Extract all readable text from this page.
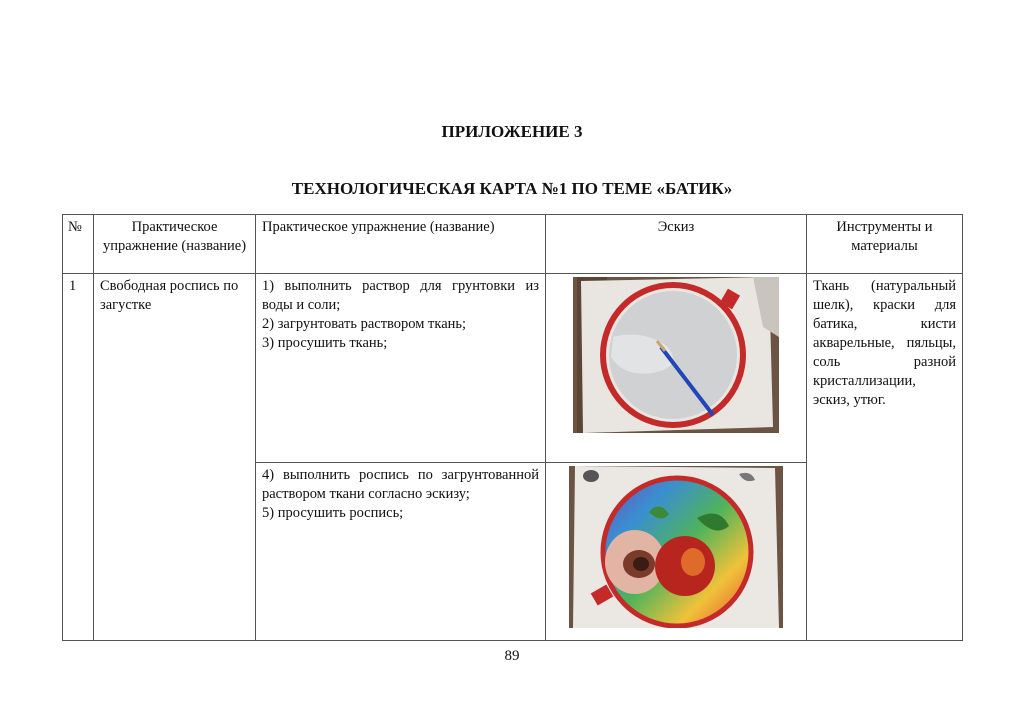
ПРИЛОЖЕНИЕ 3
ТЕХНОЛОГИЧЕСКАЯ КАРТА №1 ПО ТЕМЕ «БАТИК»
№	Практическое упражнение (название)	Практическое упражнение (название)	Эскиз	Инструменты и материалы
1	Свободная роспись по загустке	1) выполнить раствор для грунтовки из воды и соли;

2) загрунтовать раствором ткань;

3) просушить ткань;		Ткань (натуральный шелк), краски для батика, кисти акварельные, пяльцы, соль разной кристаллизации, эскиз, утюг.

		4) выполнить роспись по загрунтованной раствором ткани согласно эскизу;

5) просушить роспись;

89
